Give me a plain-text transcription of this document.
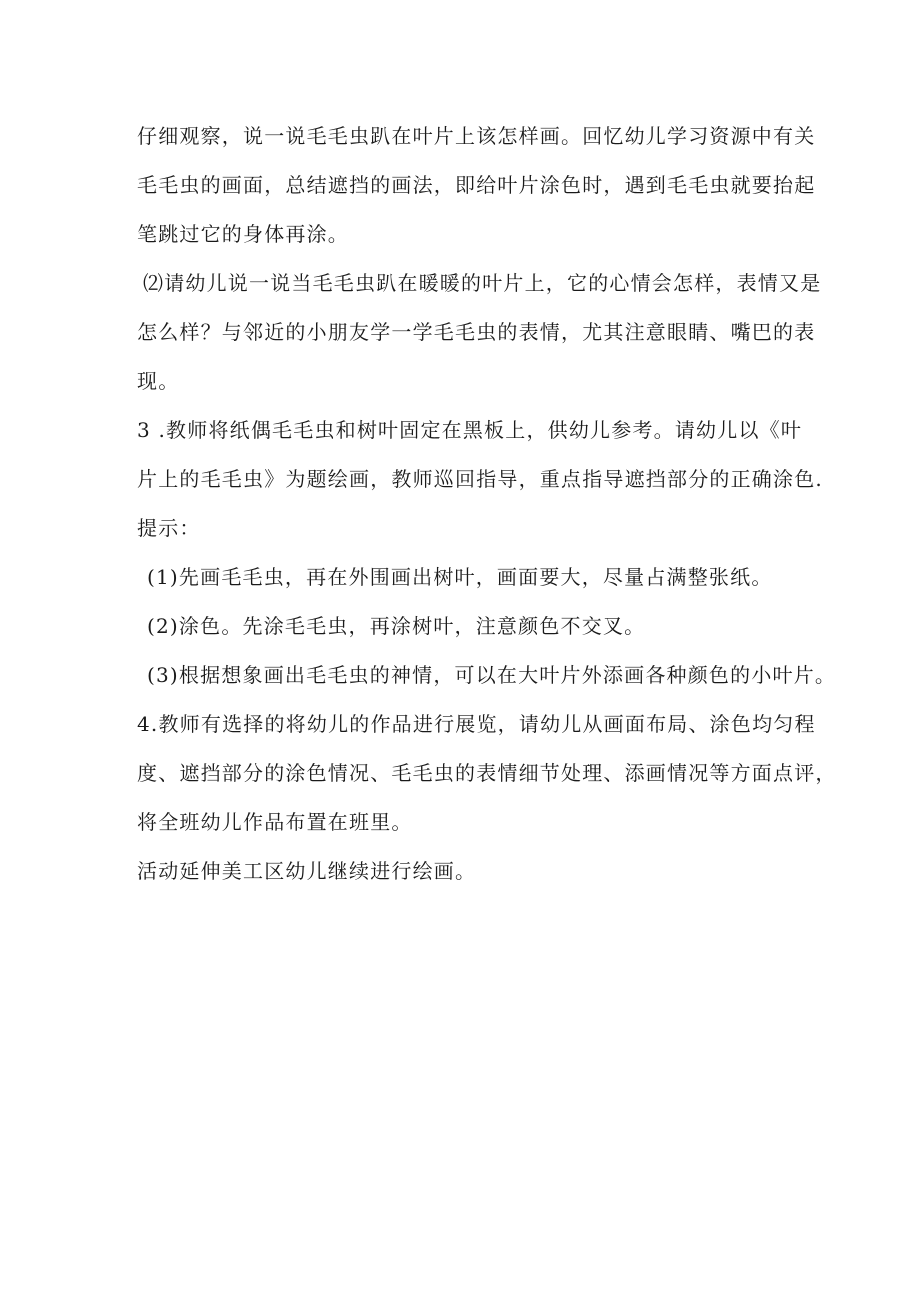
仔细观察，说一说毛毛虫趴在叶片上该怎样画。回忆幼儿学习资源中有关
毛毛虫的画面，总结遮挡的画法，即给叶片涂色时，遇到毛毛虫就要抬起
笔跳过它的身体再涂。
⑵请幼儿说一说当毛毛虫趴在暖暖的叶片上，它的心情会怎样，表情又是
怎么样？与邻近的小朋友学一学毛毛虫的表情，尤其注意眼睛、嘴巴的表
现。
3 .教师将纸偶毛毛虫和树叶固定在黑板上，供幼儿参考。请幼儿以《叶
片上的毛毛虫》为题绘画，教师巡回指导，重点指导遮挡部分的正确涂色.
提示：
(1)先画毛毛虫，再在外围画出树叶，画面要大，尽量占满整张纸。
(2)涂色。先涂毛毛虫，再涂树叶，注意颜色不交叉。
(3)根据想象画出毛毛虫的神情，可以在大叶片外添画各种颜色的小叶片。
4.教师有选择的将幼儿的作品进行展览，请幼儿从画面布局、涂色均匀程
度、遮挡部分的涂色情况、毛毛虫的表情细节处理、添画情况等方面点评，
将全班幼儿作品布置在班里。
活动延伸美工区幼儿继续进行绘画。
